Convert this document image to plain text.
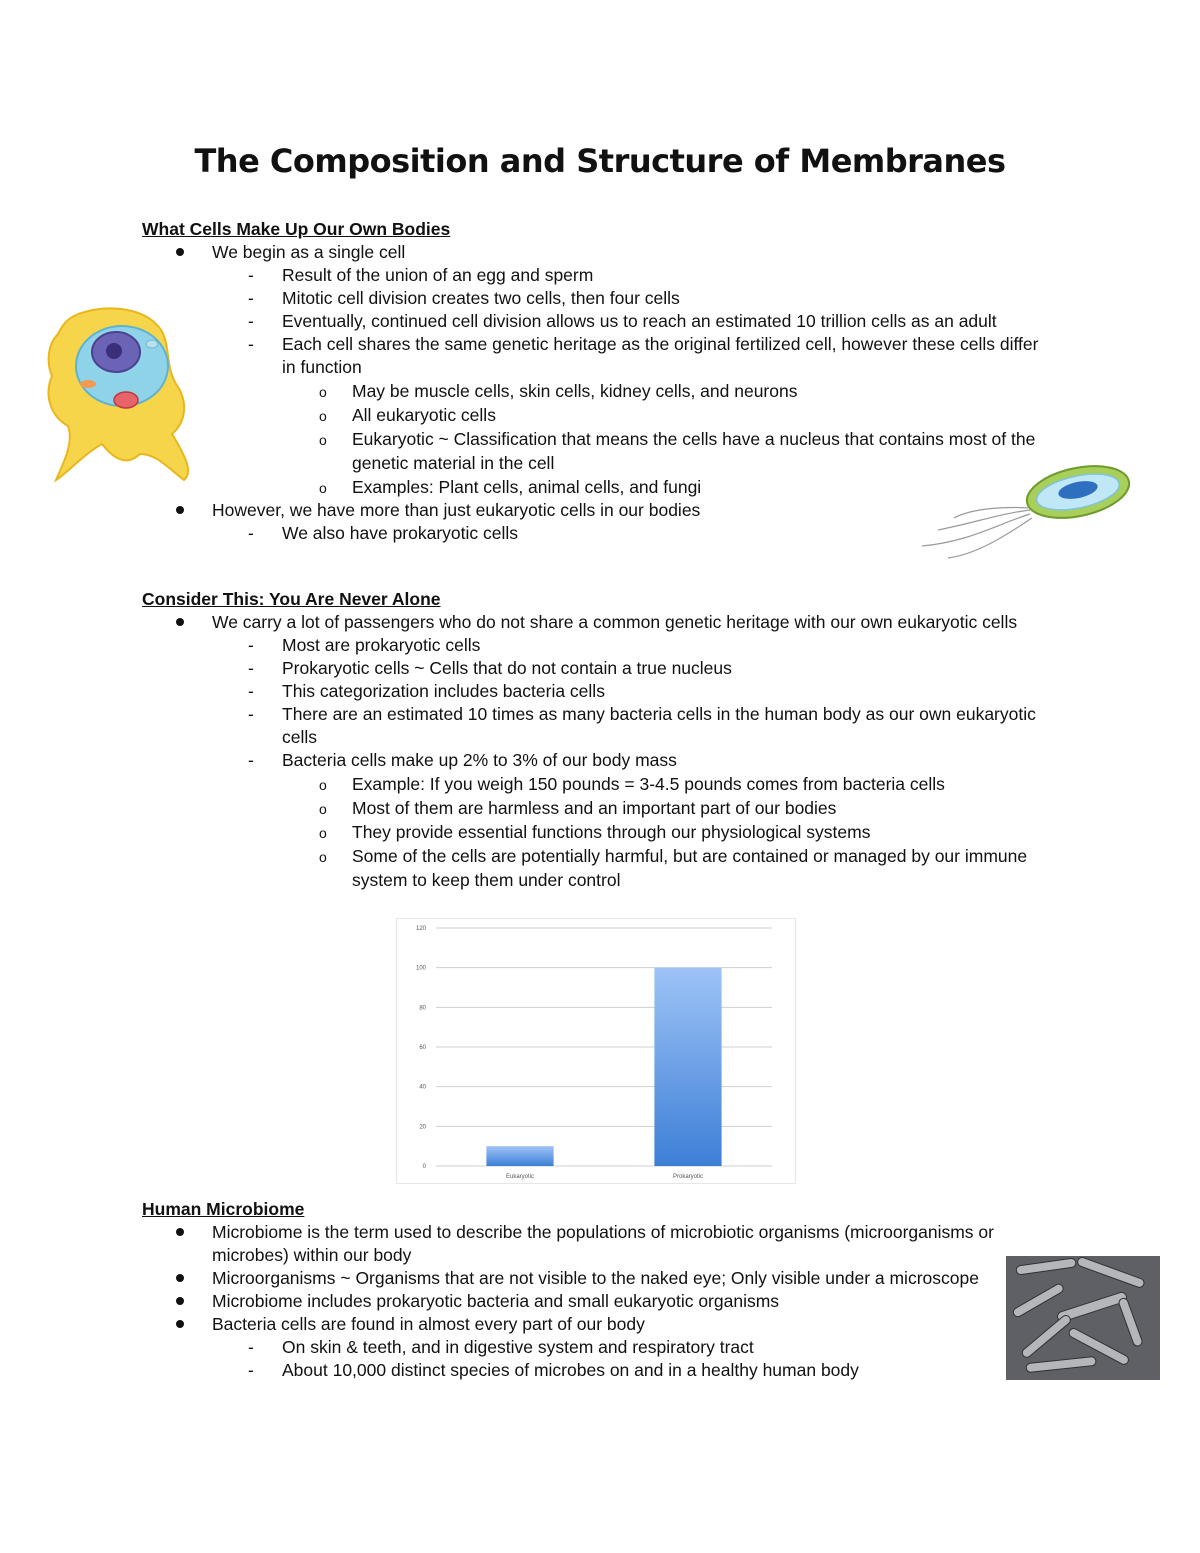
The Composition and Structure of Membranes

What Cells Make Up Our Own Bodies

We begin as a single cell
- Result of the union of an egg and sperm
- Mitotic cell division creates two cells, then four cells
- Eventually, continued cell division allows us to reach an estimated 10 trillion cells as an adult
- Each cell shares the same genetic heritage as the original fertilized cell, however these cells differ in function
o May be muscle cells, skin cells, kidney cells, and neurons
o All eukaryotic cells
o Eukaryotic ~ Classification that means the cells have a nucleus that contains most of the genetic material in the cell
o Examples: Plant cells, animal cells, and fungi
However, we have more than just eukaryotic cells in our bodies
- We also have prokaryotic cells

Consider This: You Are Never Alone

We carry a lot of passengers who do not share a common genetic heritage with our own eukaryotic cells
- Most are prokaryotic cells
- Prokaryotic cells ~ Cells that do not contain a true nucleus
- This categorization includes bacteria cells
- There are an estimated 10 times as many bacteria cells in the human body as our own eukaryotic cells
- Bacteria cells make up 2% to 3% of our body mass
o Example: If you weigh 150 pounds = 3-4.5 pounds comes from bacteria cells
o Most of them are harmless and an important part of our bodies
o They provide essential functions through our physiological systems
o Some of the cells are potentially harmful, but are contained or managed by our immune system to keep them under control
0
20
40
60
80
100
120
Eukaryotic	Prokaryotic

Human Microbiome

Microbiome is the term used to describe the populations of microbiotic organisms (microorganisms or microbes) within our body
Microorganisms ~ Organisms that are not visible to the naked eye; Only visible under a microscope
Microbiome includes prokaryotic bacteria and small eukaryotic organisms
Bacteria cells are found in almost every part of our body
- On skin & teeth, and in digestive system and respiratory tract
- About 10,000 distinct species of microbes on and in a healthy human body
